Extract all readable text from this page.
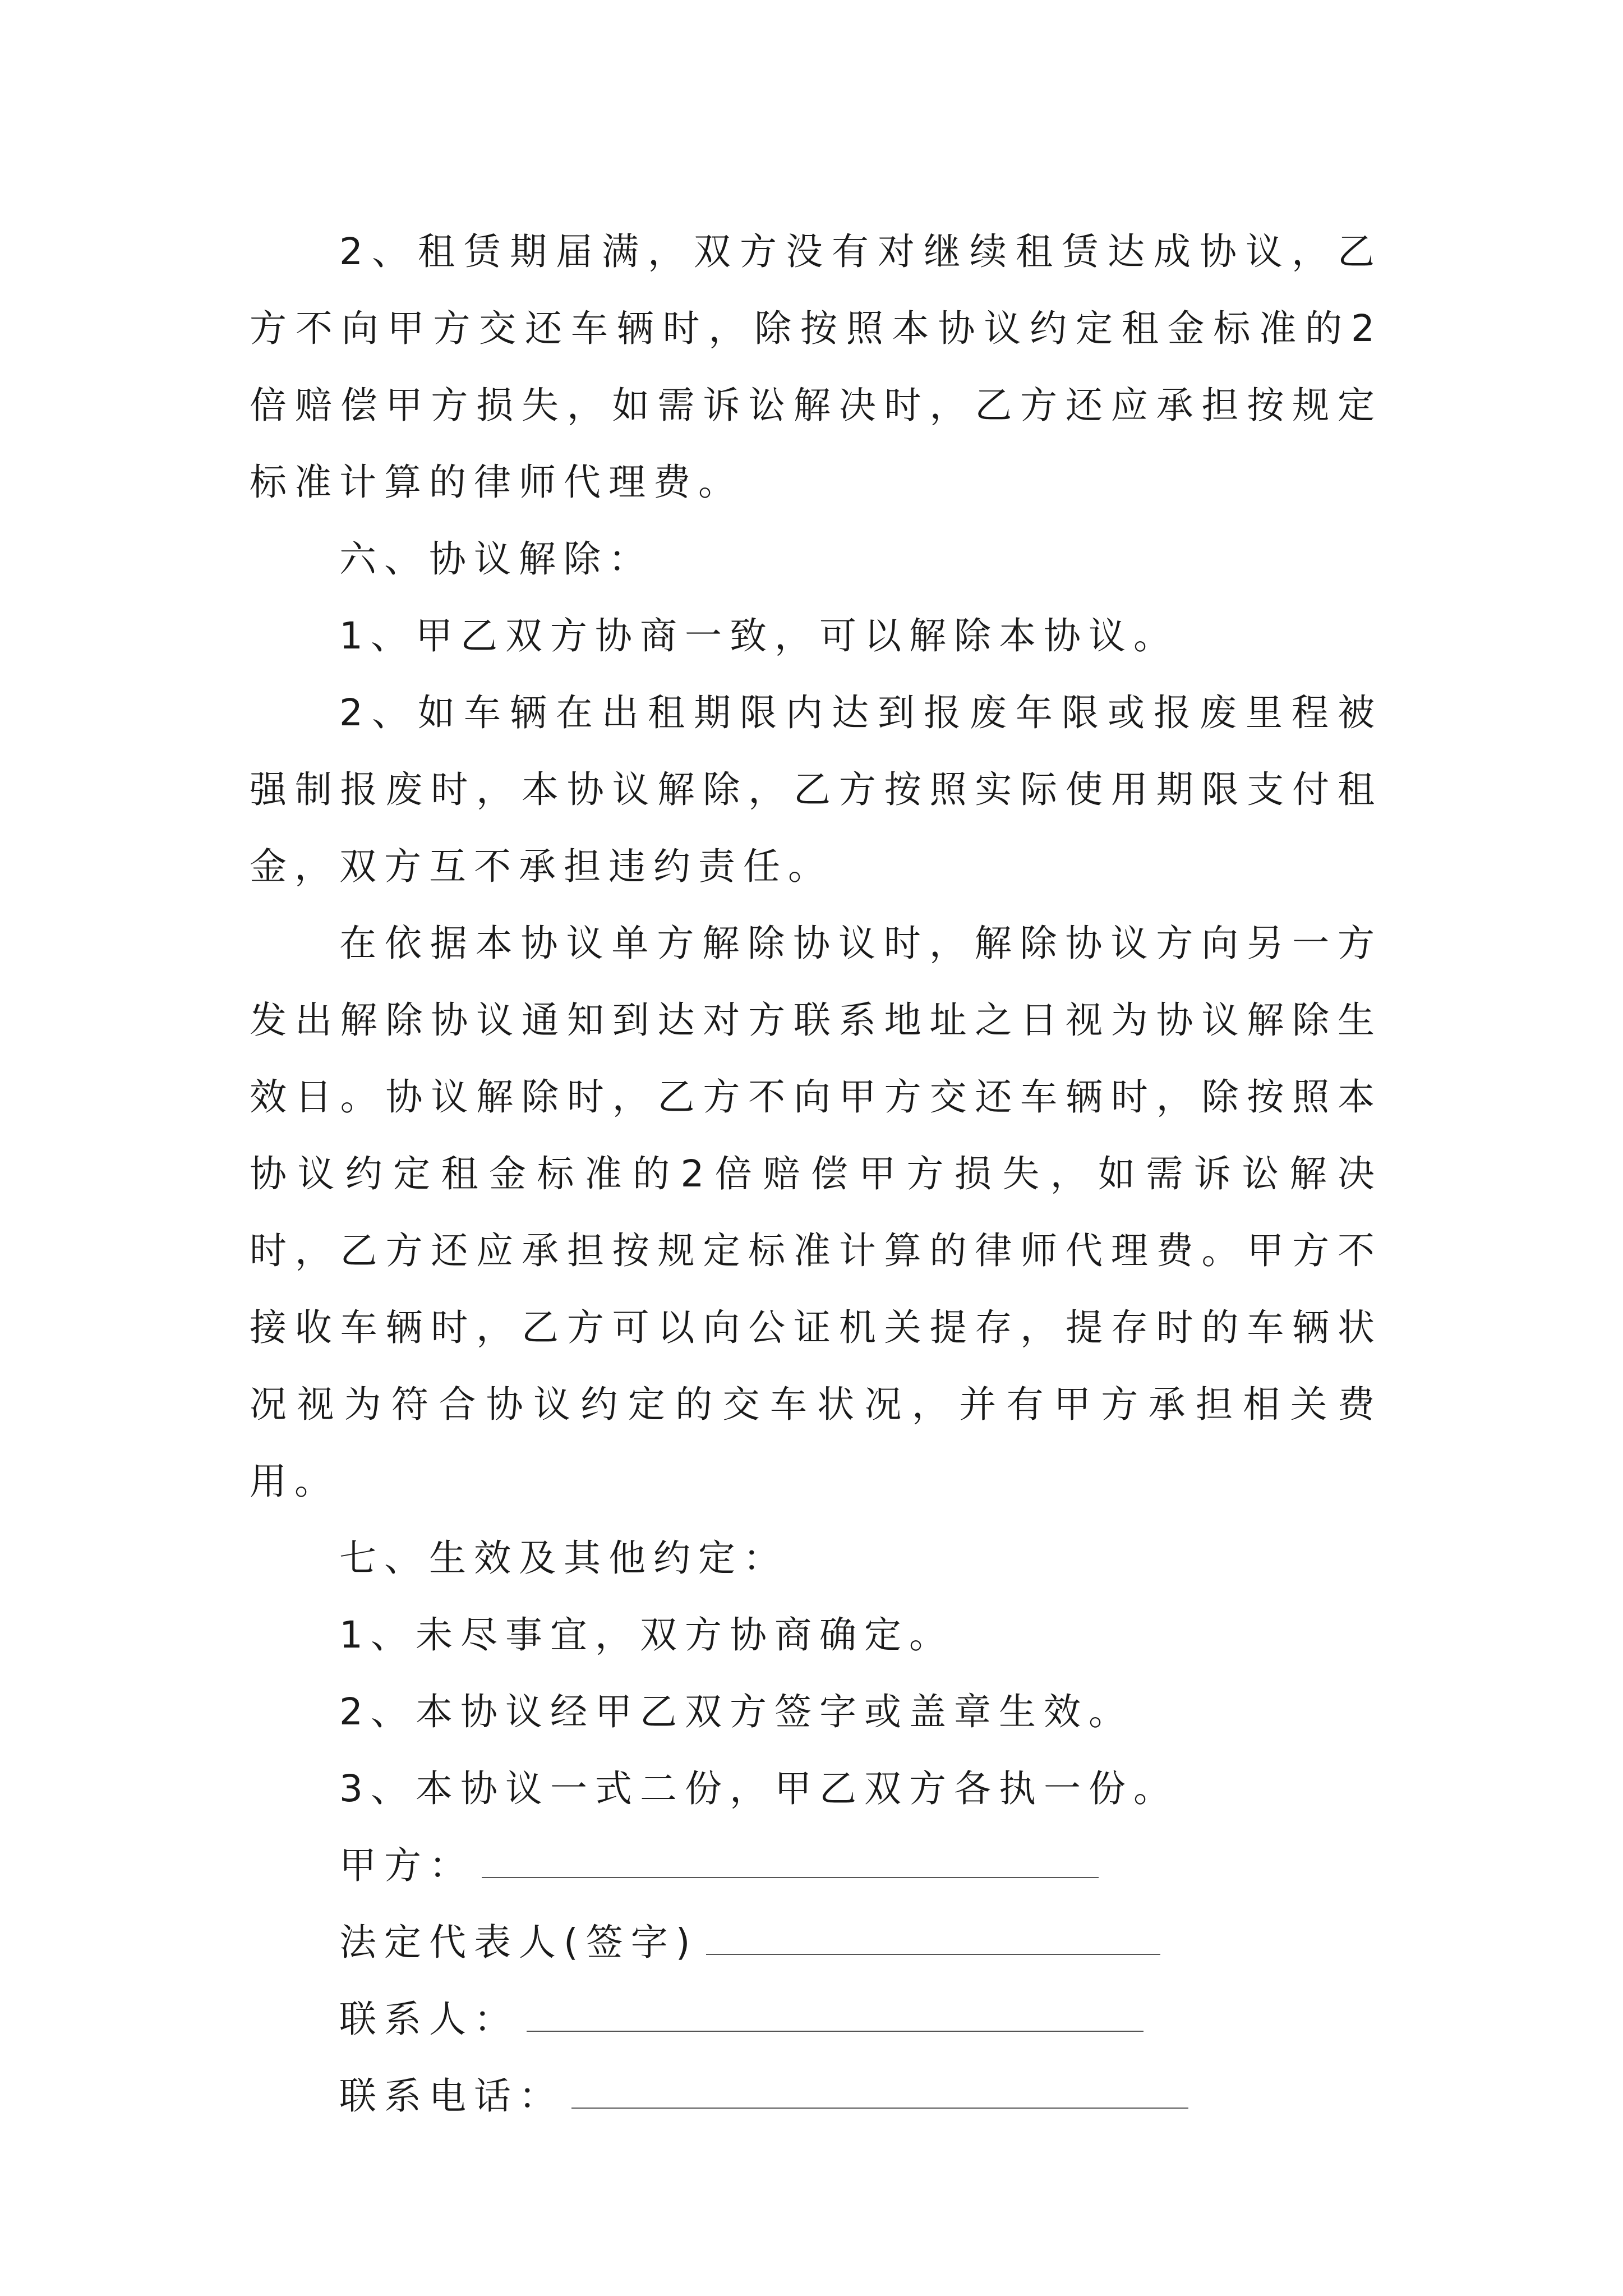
2、租赁期届满，双方没有对继续租赁达成协议，乙方不向甲方交还车辆时，除按照本协议约定租金标准的2倍赔偿甲方损失，如需诉讼解决时，乙方还应承担按规定标准计算的律师代理费。

六、协议解除：

1、甲乙双方协商一致，可以解除本协议。

2、如车辆在出租期限内达到报废年限或报废里程被强制报废时，本协议解除，乙方按照实际使用期限支付租金，双方互不承担违约责任。

在依据本协议单方解除协议时，解除协议方向另一方发出解除协议通知到达对方联系地址之日视为协议解除生效日。协议解除时，乙方不向甲方交还车辆时，除按照本协议约定租金标准的2倍赔偿甲方损失，如需诉讼解决时，乙方还应承担按规定标准计算的律师代理费。甲方不接收车辆时，乙方可以向公证机关提存，提存时的车辆状况视为符合协议约定的交车状况，并有甲方承担相关费用。

七、生效及其他约定：

1、未尽事宜，双方协商确定。

2、本协议经甲乙双方签字或盖章生效。

3、本协议一式二份，甲乙双方各执一份。

甲方：
法定代表人(签字)
联系人：
联系电话：
